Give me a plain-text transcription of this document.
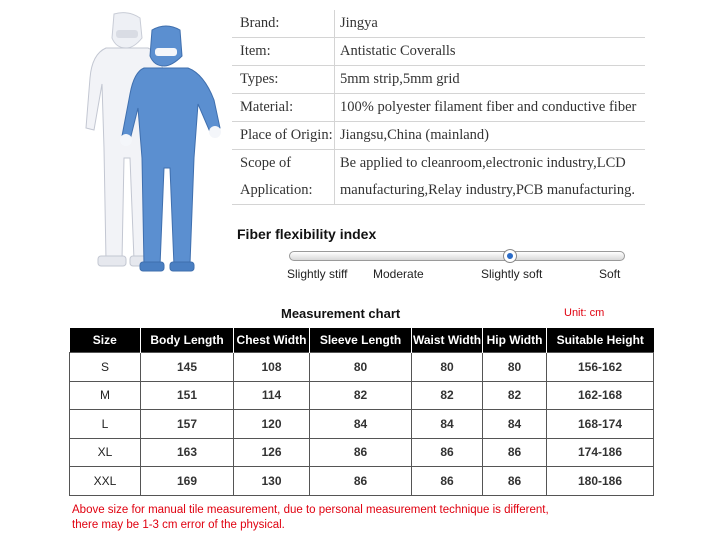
Brand:	Jingya
Item:	Antistatic Coveralls
Types:	5mm strip,5mm grid
Material:	100% polyester filament fiber and conductive fiber
Place of Origin:	Jiangsu,China (mainland)
Scope of	Be applied to cleanroom,electronic industry,LCD
Application:	manufacturing,Relay industry,PCB manufacturing.
Fiber flexibility index
Slightly stiff Moderate	Slightly soft	Soft
Measurement chart	Unit: cm
Size	Body Length	Chest Width	Sleeve Length	Waist Width	Hip Width	Suitable Height
S	145	108	80	80	80	156-162
M	151	114	82	82	82	162-168
L	157	120	84	84	84	168-174
XL	163	126	86	86	86	174-186
XXL	169	130	86	86	86	180-186
Above size for manual tile measurement, due to personal measurement technique is different,
there may be 1-3 cm error of the physical.
